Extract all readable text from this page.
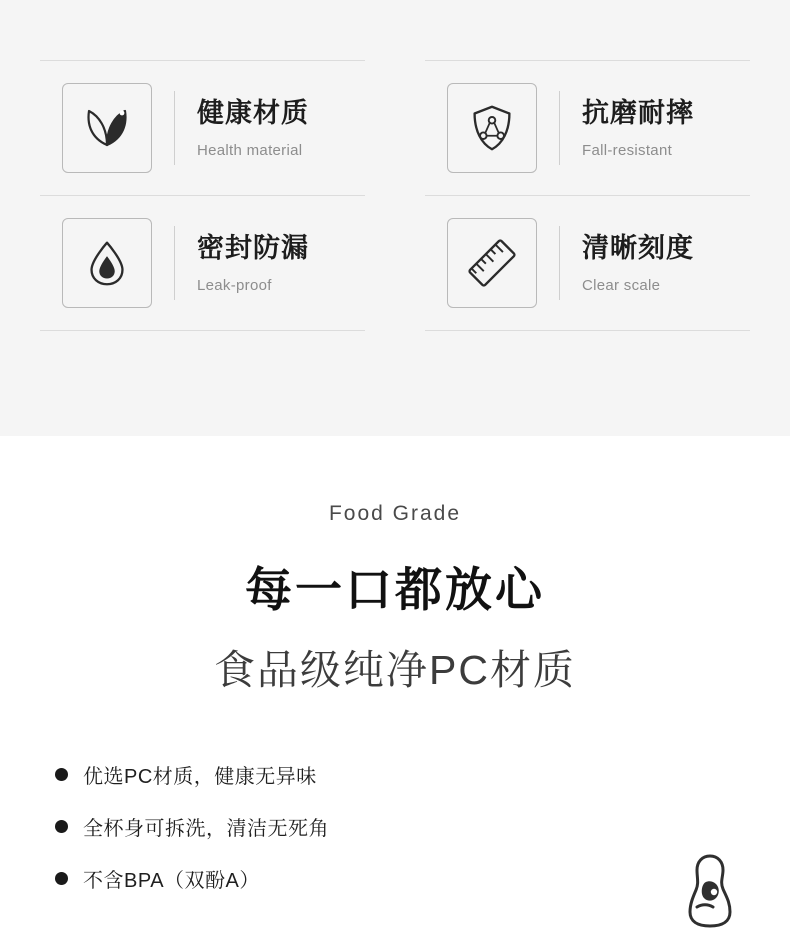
健康材质
Health material
抗磨耐摔
Fall-resistant
密封防漏
Leak-proof
清晰刻度
Clear scale
Food Grade
每一口都放心
食品级纯净PC材质
优选PC材质，健康无异味
全杯身可拆洗，清洁无死角
不含BPA（双酚A）
